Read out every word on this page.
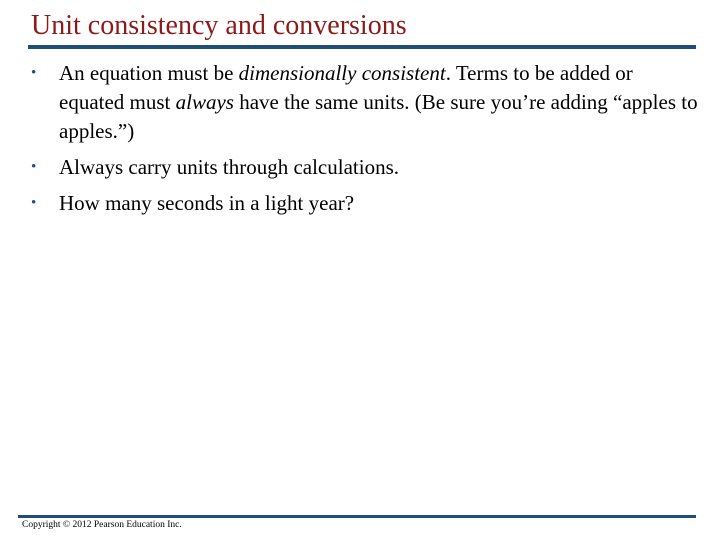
Unit consistency and conversions
• An equation must be dimensionally consistent. Terms to be added or equated must always have the same units. (Be sure you’re adding “apples to apples.”)
• Always carry units through calculations.
• How many seconds in a light year?
Copyright © 2012 Pearson Education Inc.
